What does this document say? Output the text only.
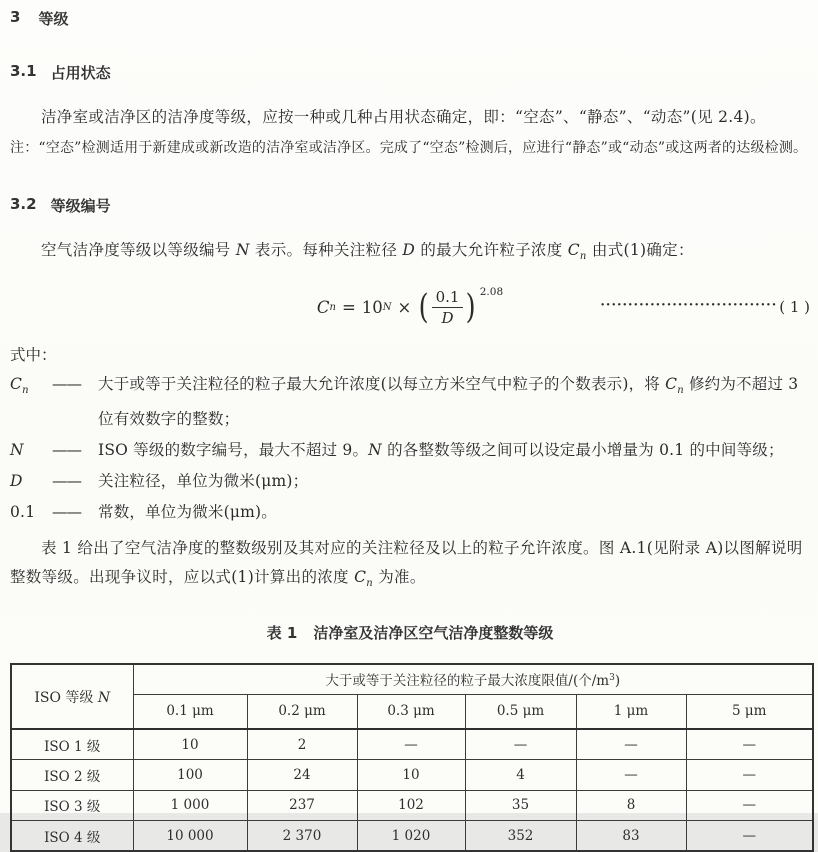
3 等级
3.1 占用状态

洁净室或洁净区的洁净度等级，应按一种或几种占用状态确定，即：“空态”、“静态”、“动态”(见 2.4)。

注：“空态”检测适用于新建成或新改造的洁净室或洁净区。完成了“空态”检测后，应进行“静态”或“动态”或这两者的达级检测。

3.2 等级编号

空气洁净度等级以等级编号 N 表示。每种关注粒径 D 的最大允许粒子浓度 $C_n$ 由式(1)确定：

C n = 10 N × ( $\frac{0.1}{D}$ ) 2.08
································ ( 1 )
式中：
$C_n$	——	大于或等于关注粒径的粒子最大允许浓度(以每立方米空气中粒子的个数表示)，将 $C_n$ 修约为不超过 3 位有效数字的整数；
N	——	ISO 等级的数字编号，最大不超过 9。N 的各整数等级之间可以设定最小增量为 0.1 的中间等级；
D	——	关注粒径，单位为微米(μm)；
0.1	——	常数，单位为微米(μm)。

表 1 给出了空气洁净度的整数级别及其对应的关注粒径及以上的粒子允许浓度。图 A.1(见附录 A)以图解说明整数等级。出现争议时，应以式(1)计算出的浓度 $C_n$ 为准。

表 1 洁净室及洁净区空气洁净度整数等级
ISO 等级 N	大于或等于关注粒径的粒子最大浓度限值/(个$/m^3$)					
	0.1 μm	0.2 μm	0.3 μm	0.5 μm	1 μm	5 μm
ISO 1 级	10	2	—	—	—	—
ISO 2 级	100	24	10	4	—	—
ISO 3 级	1 000	237	102	35	8	—
ISO 4 级	10 000	2 370	1 020	352	83	—
